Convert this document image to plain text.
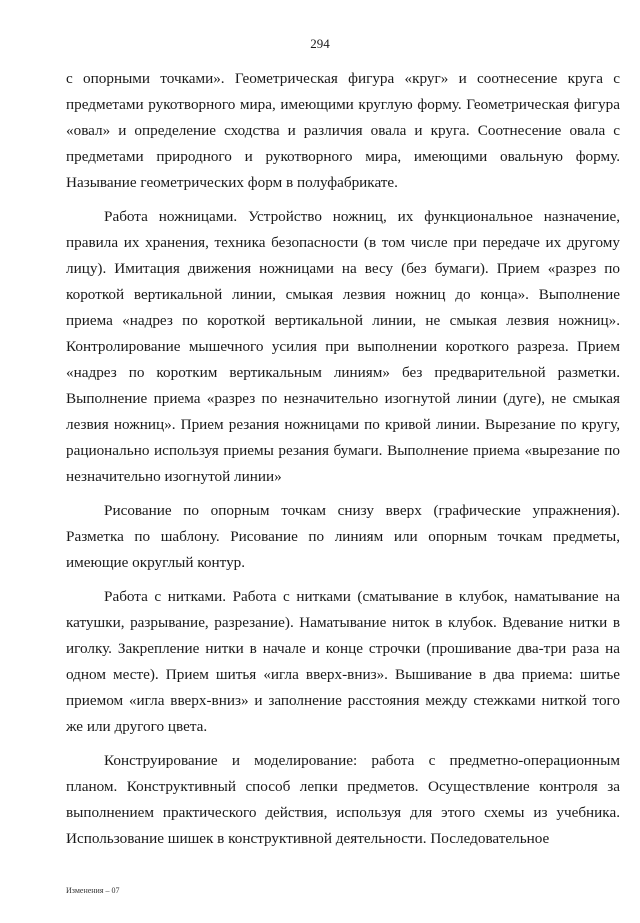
294

с опорными точками». Геометрическая фигура «круг» и соотнесение круга с предметами рукотворного мира, имеющими круглую форму. Геометрическая фигура «овал» и определение сходства и различия овала и круга. Соотнесение овала с предметами природного и рукотворного мира, имеющими овальную форму. Называние геометрических форм в полуфабрикате.

Работа ножницами. Устройство ножниц, их функциональное назначение, правила их хранения, техника безопасности (в том числе при передаче их другому лицу). Имитация движения ножницами на весу (без бумаги). Прием «разрез по короткой вертикальной линии, смыкая лезвия ножниц до конца». Выполнение приема «надрез по короткой вертикальной линии, не смыкая лезвия ножниц». Контролирование мышечного усилия при выполнении короткого разреза. Прием «надрез по коротким вертикальным линиям» без предварительной разметки. Выполнение приема «разрез по незначительно изогнутой линии (дуге), не смыкая лезвия ножниц». Прием резания ножницами по кривой линии. Вырезание по кругу, рационально используя приемы резания бумаги. Выполнение приема «вырезание по незначительно изогнутой линии»

Рисование по опорным точкам снизу вверх (графические упражнения). Разметка по шаблону. Рисование по линиям или опорным точкам предметы, имеющие округлый контур.

Работа с нитками. Работа с нитками (сматывание в клубок, наматывание на катушки, разрывание, разрезание). Наматывание ниток в клубок. Вдевание нитки в иголку. Закрепление нитки в начале и конце строчки (прошивание два-три раза на одном месте). Прием шитья «игла вверх-вниз». Вышивание в два приема: шитье приемом «игла вверх-вниз» и заполнение расстояния между стежками ниткой того же или другого цвета.

Конструирование и моделирование: работа с предметно-операционным планом. Конструктивный способ лепки предметов. Осуществление контроля за выполнением практического действия, используя для этого схемы из учебника. Использование шишек в конструктивной деятельности. Последовательное

Изменения – 07
